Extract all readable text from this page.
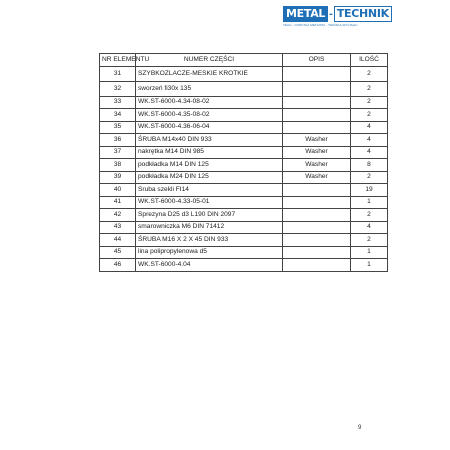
METAL - TECHNIK
TECH - ОЧИСТКА МЕТАЛЛА · TEKNIKA WYCIĄGU
NR ELEMENTU	NUMER CZĘŚCI	OPIS	ILOŚĆ
31	SZYBKOZLACZE-MESKIE KROTKIE		2
32	sworzeń fi30x 135		2
33	WK.ST-6000-4.34-08-02		2
34	WK.ST-6000-4.35-08-02		2
35	WK.ST-6000-4.36-06-04		4
36	ŚRUBA M14x40 DIN 933	Washer	4
37	nakrętka M14 DIN 985	Washer	4
38	podkładka M14 DIN 125	Washer	8
39	podkładka M24 DIN 125	Washer	2
40	Sruba szekli FI14		19
41	WK.ST-6000-4.33-05-01		1
42	Sprezyna D25 d3 L190 DIN 2097		2
43	smarowniczka M6 DIN 71412		4
44	ŚRUBA M16 X 2 X 45 DIN 933		2
45	lina polipropylenowa d5		1
46	WK.ST-6000-4.04		1
9
